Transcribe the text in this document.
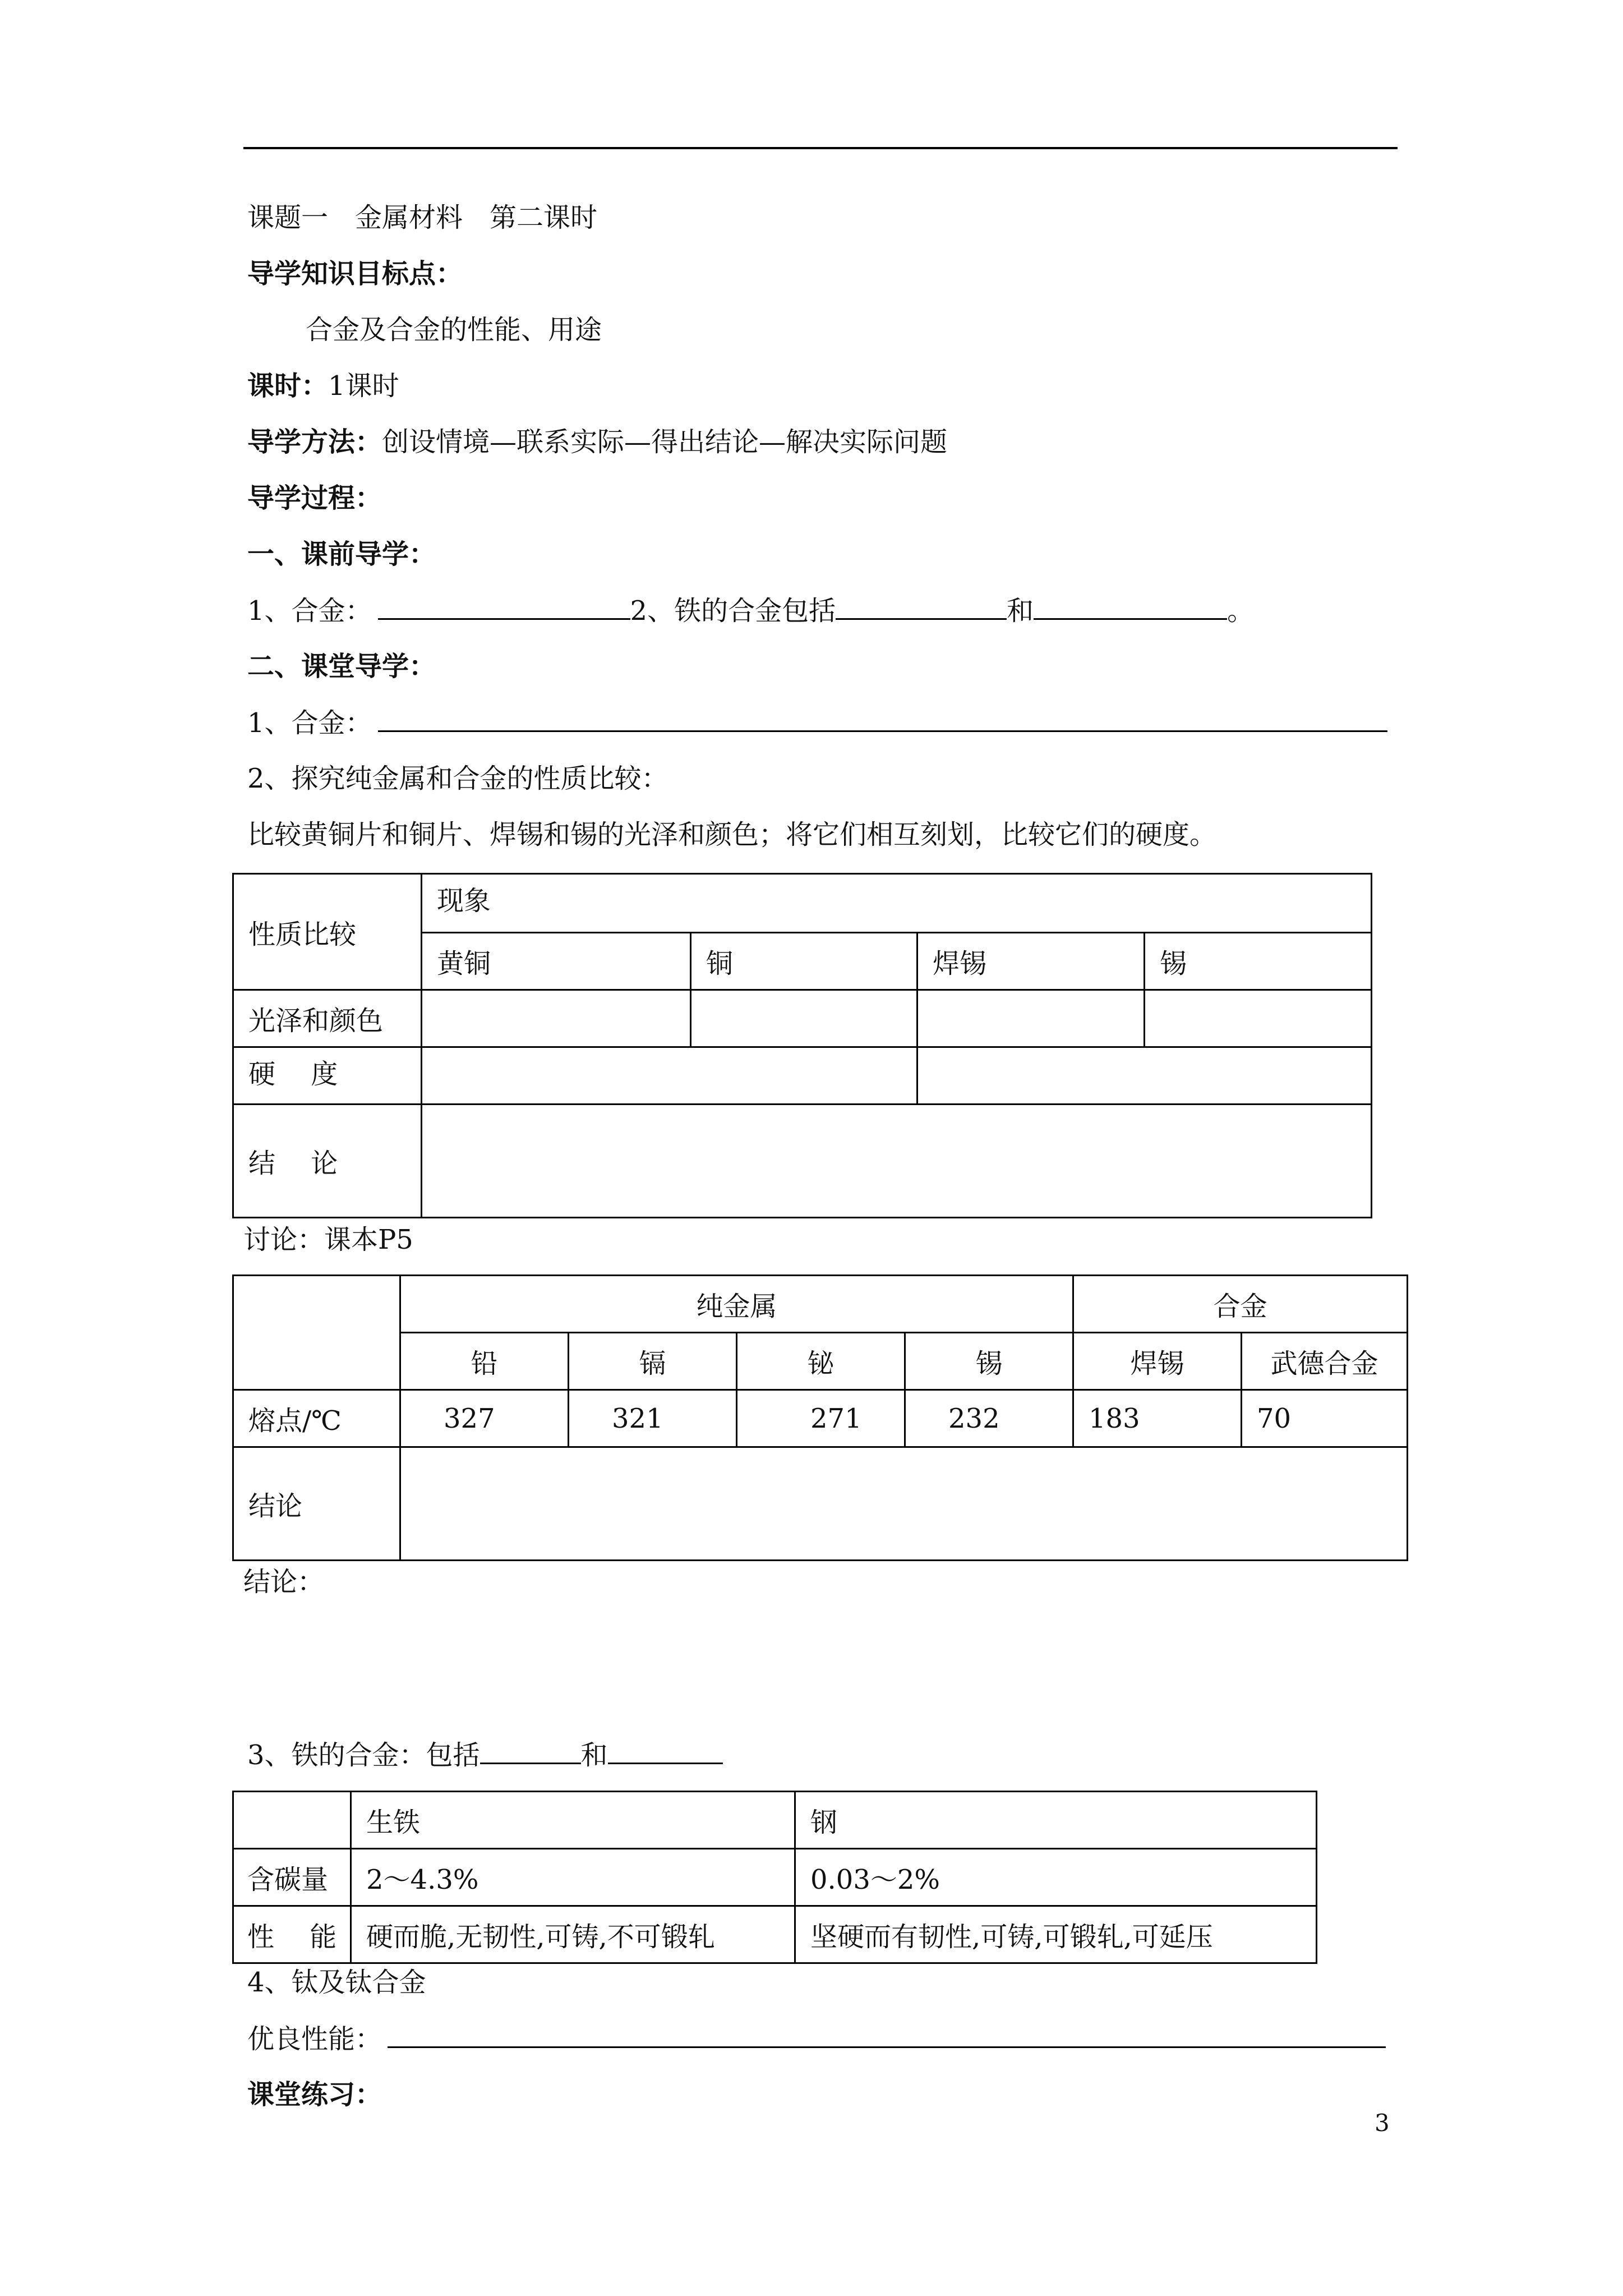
课题一　金属材料　第二课时
导学知识目标点：
合金及合金的性能、用途
课时：1课时
导学方法：创设情境—联系实际—得出结论—解决实际问题
导学过程：
一、课前导学：
1、合金：	2、铁的合金包括	和	。
二、课堂导学：
1、合金：
2、探究纯金属和合金的性质比较：
比较黄铜片和铜片、焊锡和锡的光泽和颜色；将它们相互刻划，比较它们的硬度。
性质比较	现象			
	黄铜	铜	焊锡	锡
光泽和颜色				
硬　 度				
结　 论				
讨论：课本P5
	纯金属				合金	
	铅	镉	铋	锡	焊锡	武德合金
熔点/℃	327	321	271	232	183	70
结论						
结论：
3、铁的合金：包括	和
	生铁	钢
含碳量	2～4.3%	0.03～2%
性　 能	硬而脆,无韧性,可铸,不可锻轧	坚硬而有韧性,可铸,可锻轧,可延压
4、钛及钛合金
优良性能：
课堂练习：
3
